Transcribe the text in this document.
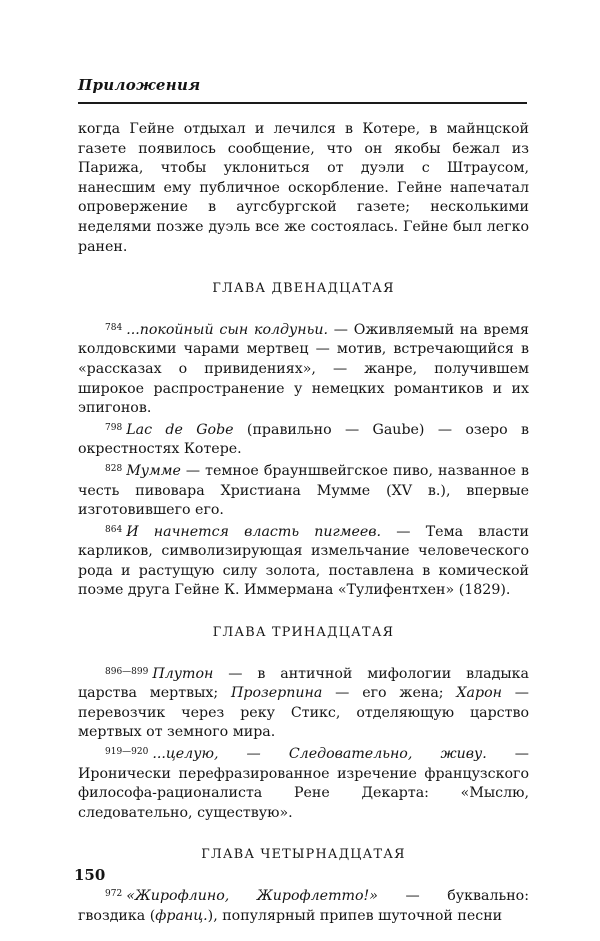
Приложения

когда Гейне отдыхал и лечился в Котере, в майнцской газете появилось сообщение, что он якобы бежал из Парижа, чтобы уклониться от дуэли с Штраусом, нанесшим ему публичное оскорбление. Гейне напечатал опровержение в аугсбургской газете; несколькими неделями позже дуэль все же состоялась. Гейне был легко ранен.

ГЛАВА ДВЕНАДЦАТАЯ

$^{784}$ ...покойный сын колдуньи. — Оживляемый на время колдовскими чарами мертвец — мотив, встречающийся в «рассказах о привидениях», — жанре, получившем широкое распространение у немецких романтиков и их эпигонов.

$^{798}$ Lac de Gobe (правильно — Gaube) — озеро в окрестностях Котере.

$^{828}$ Мумме — темное брауншвейгское пиво, названное в честь пивовара Христиана Мумме (XV в.), впервые изготовившего его.

$^{864}$ И начнется власть пигмеев. — Тема власти карликов, символизирующая измельчание человеческого рода и растущую силу золота, поставлена в комической поэме друга Гейне К. Иммермана «Тулифентхен» (1829).

ГЛАВА ТРИНАДЦАТАЯ

$^{896—899}$ Плутон — в античной мифологии владыка царства мертвых; Прозерпина — его жена; Харон — перевозчик через реку Стикс, отделяющую царство мертвых от земного мира.

$^{919—920}$ ...целую, — Следовательно, живу. — Иронически перефразированное изречение французского философа-рационалиста Рене Декарта: «Мыслю, следовательно, существую».

ГЛАВА ЧЕТЫРНАДЦАТАЯ

$^{972}$ «Жирофлино, Жирофлетто!» — буквально: гвоздика (франц.), популярный припев шуточной песни

150
